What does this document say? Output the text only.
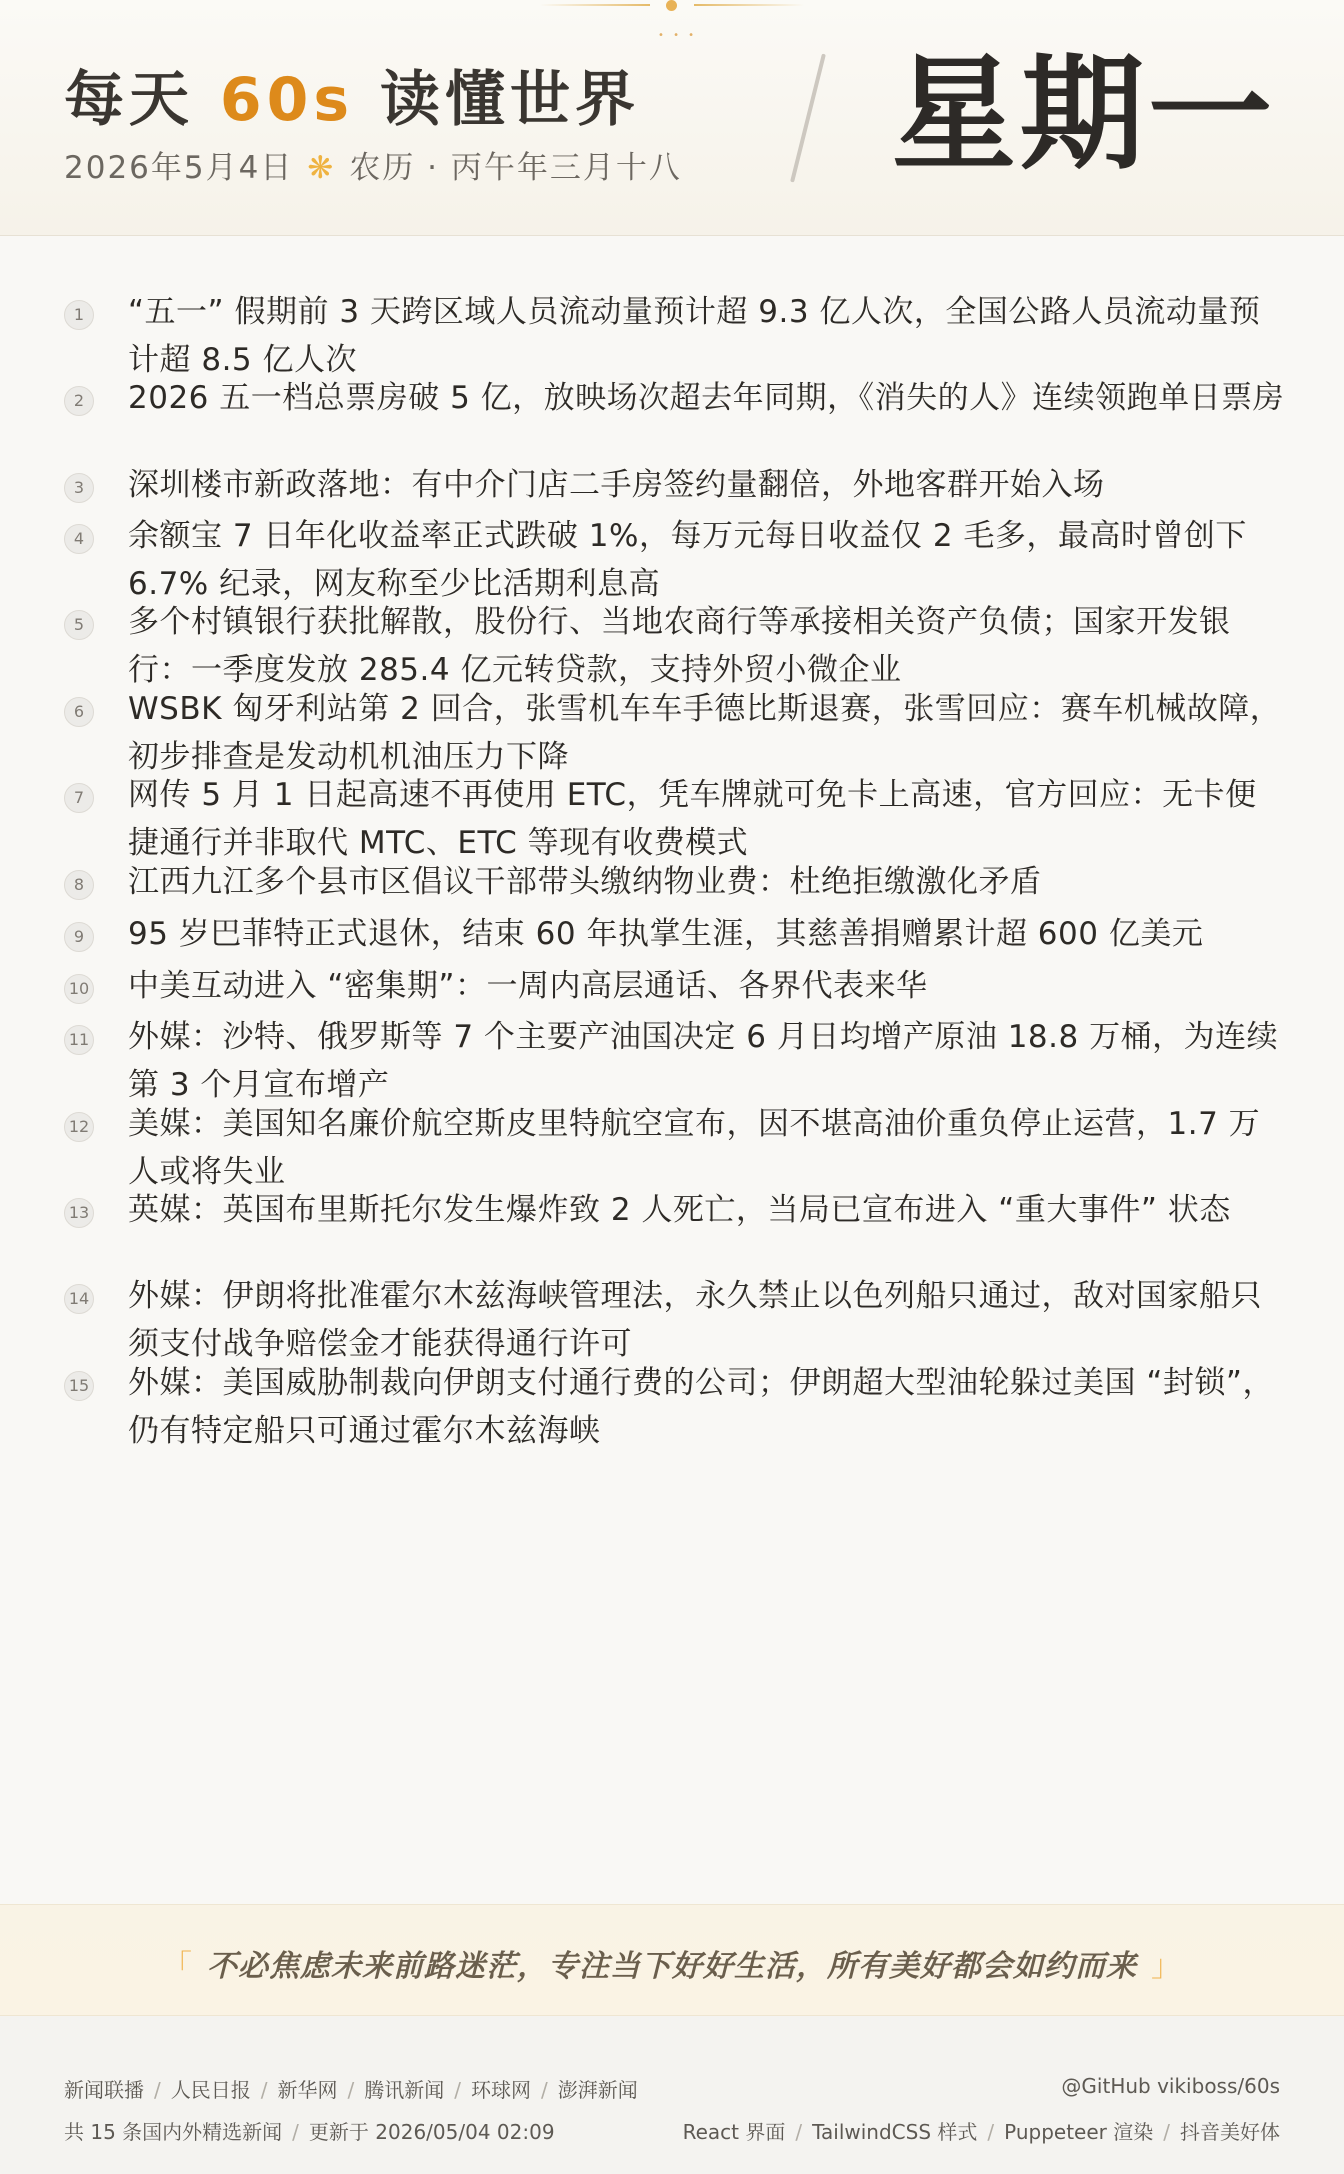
每天 60s 读懂世界
2026年5月4日 ❋ 农历 · 丙午年三月十八 星期一
• • •
1	“五一” 假期前 3 天跨区域人员流动量预计超 9.3 亿人次，全国公路人员流动量预计超 8.5 亿人次
2	2026 五一档总票房破 5 亿，放映场次超去年同期，《消失的人》连续领跑单日票房
3	深圳楼市新政落地：有中介门店二手房签约量翻倍，外地客群开始入场
4	余额宝 7 日年化收益率正式跌破 1%，每万元每日收益仅 2 毛多，最高时曾创下 6.7% 纪录，网友称至少比活期利息高
5	多个村镇银行获批解散，股份行、当地农商行等承接相关资产负债；国家开发银行：一季度发放 285.4 亿元转贷款，支持外贸小微企业
6	WSBK 匈牙利站第 2 回合，张雪机车车手德比斯退赛，张雪回应：赛车机械故障，初步排查是发动机机油压力下降
7	网传 5 月 1 日起高速不再使用 ETC，凭车牌就可免卡上高速，官方回应：无卡便捷通行并非取代 MTC、ETC 等现有收费模式
8	江西九江多个县市区倡议干部带头缴纳物业费：杜绝拒缴激化矛盾
9	95 岁巴菲特正式退休，结束 60 年执掌生涯，其慈善捐赠累计超 600 亿美元
10 中美互动进入 “密集期”：一周内高层通话、各界代表来华
11 外媒：沙特、俄罗斯等 7 个主要产油国决定 6 月日均增产原油 18.8 万桶，为连续第 3 个月宣布增产
12 美媒：美国知名廉价航空斯皮里特航空宣布，因不堪高油价重负停止运营，1.7 万人或将失业
13 英媒：英国布里斯托尔发生爆炸致 2 人死亡，当局已宣布进入 “重大事件” 状态
14 外媒：伊朗将批准霍尔木兹海峡管理法，永久禁止以色列船只通过，敌对国家船只须支付战争赔偿金才能获得通行许可
15 外媒：美国威胁制裁向伊朗支付通行费的公司；伊朗超大型油轮躲过美国 “封锁”，仍有特定船只可通过霍尔木兹海峡
「 不必焦虑未来前路迷茫，专注当下好好生活，所有美好都会如约而来 」
新闻联播 / 人民日报 / 新华网 / 腾讯新闻 / 环球网 / 澎湃新闻	@GitHub vikiboss/60s
共 15 条国内外精选新闻 / 更新于 2026/05/04 02:09	React 界面 / TailwindCSS 样式 / Puppeteer 渲染 / 抖音美好体
